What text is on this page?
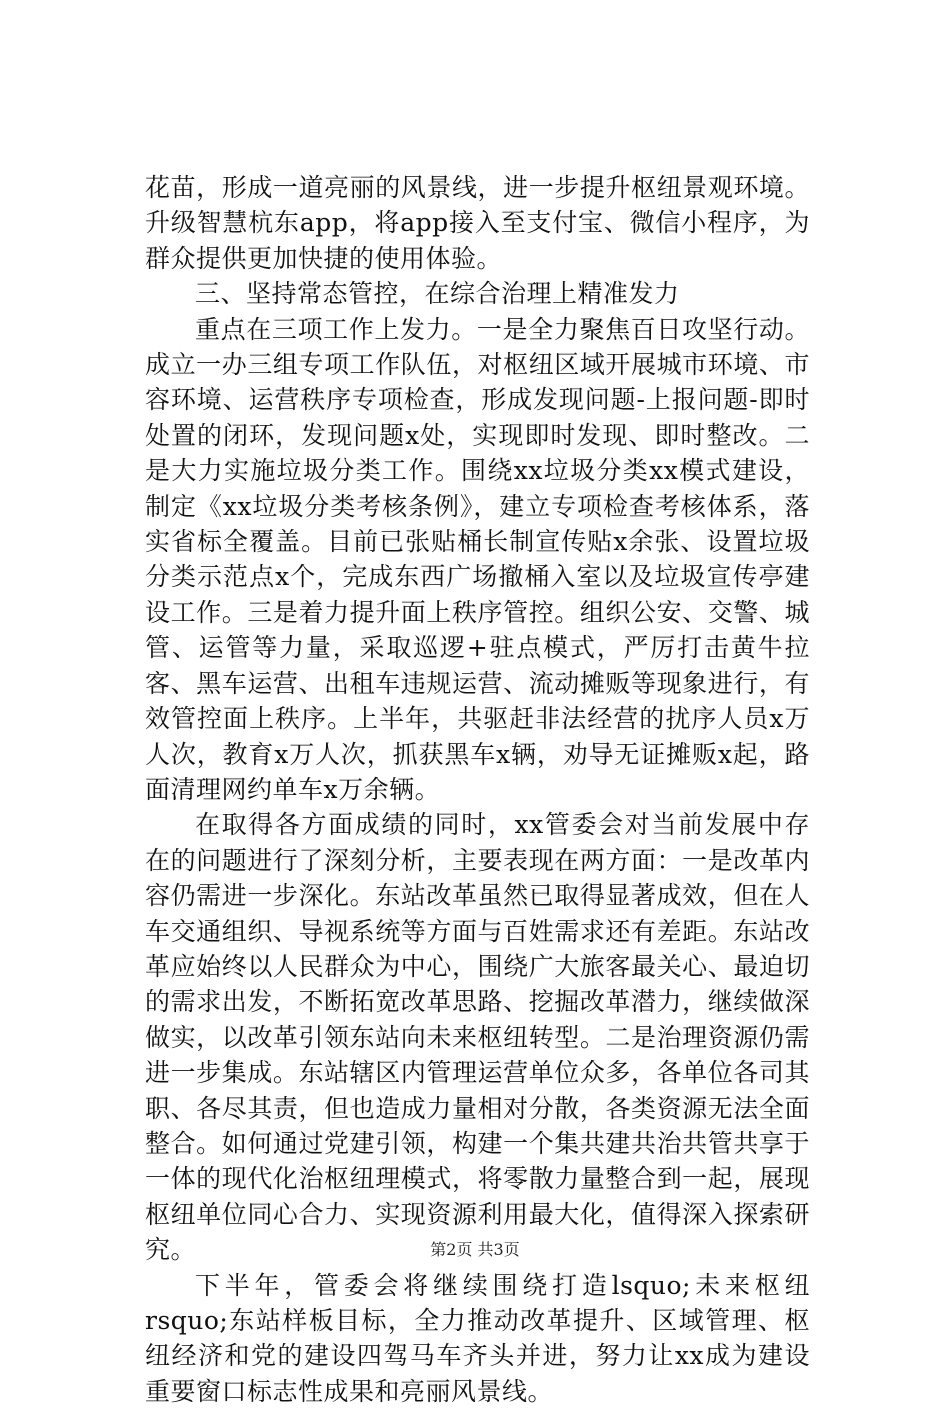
花苗，形成一道亮丽的风景线，进一步提升枢纽景观环境。升级智慧杭东app，将app接入至支付宝、微信小程序，为群众提供更加快捷的使用体验。

三、坚持常态管控，在综合治理上精准发力

重点在三项工作上发力。一是全力聚焦百日攻坚行动。成立一办三组专项工作队伍，对枢纽区域开展城市环境、市容环境、运营秩序专项检查，形成发现问题-上报问题-即时处置的闭环，发现问题x处，实现即时发现、即时整改。二是大力实施垃圾分类工作。围绕xx垃圾分类xx模式建设，制定《xx垃圾分类考核条例》，建立专项检查考核体系，落实省标全覆盖。目前已张贴桶长制宣传贴x余张、设置垃圾分类示范点x个，完成东西广场撤桶入室以及垃圾宣传亭建设工作。三是着力提升面上秩序管控。组织公安、交警、城管、运管等力量，采取巡逻+驻点模式，严厉打击黄牛拉客、黑车运营、出租车违规运营、流动摊贩等现象进行，有效管控面上秩序。上半年，共驱赶非法经营的扰序人员x万人次，教育x万人次，抓获黑车x辆，劝导无证摊贩x起，路面清理网约单车x万余辆。

在取得各方面成绩的同时，xx管委会对当前发展中存在的问题进行了深刻分析，主要表现在两方面：一是改革内容仍需进一步深化。东站改革虽然已取得显著成效，但在人车交通组织、导视系统等方面与百姓需求还有差距。东站改革应始终以人民群众为中心，围绕广大旅客最关心、最迫切的需求出发，不断拓宽改革思路、挖掘改革潜力，继续做深做实，以改革引领东站向未来枢纽转型。二是治理资源仍需进一步集成。东站辖区内管理运营单位众多，各单位各司其职、各尽其责，但也造成力量相对分散，各类资源无法全面整合。如何通过党建引领，构建一个集共建共治共管共享于一体的现代化治枢纽理模式，将零散力量整合到一起，展现枢纽单位同心合力、实现资源利用最大化，值得深入探索研究。

下半年，管委会将继续围绕打造lsquo;未来枢纽rsquo;东站样板目标，全力推动改革提升、区域管理、枢纽经济和党的建设四驾马车齐头并进，努力让xx成为建设重要窗口标志性成果和亮丽风景线。

第2页 共3页
